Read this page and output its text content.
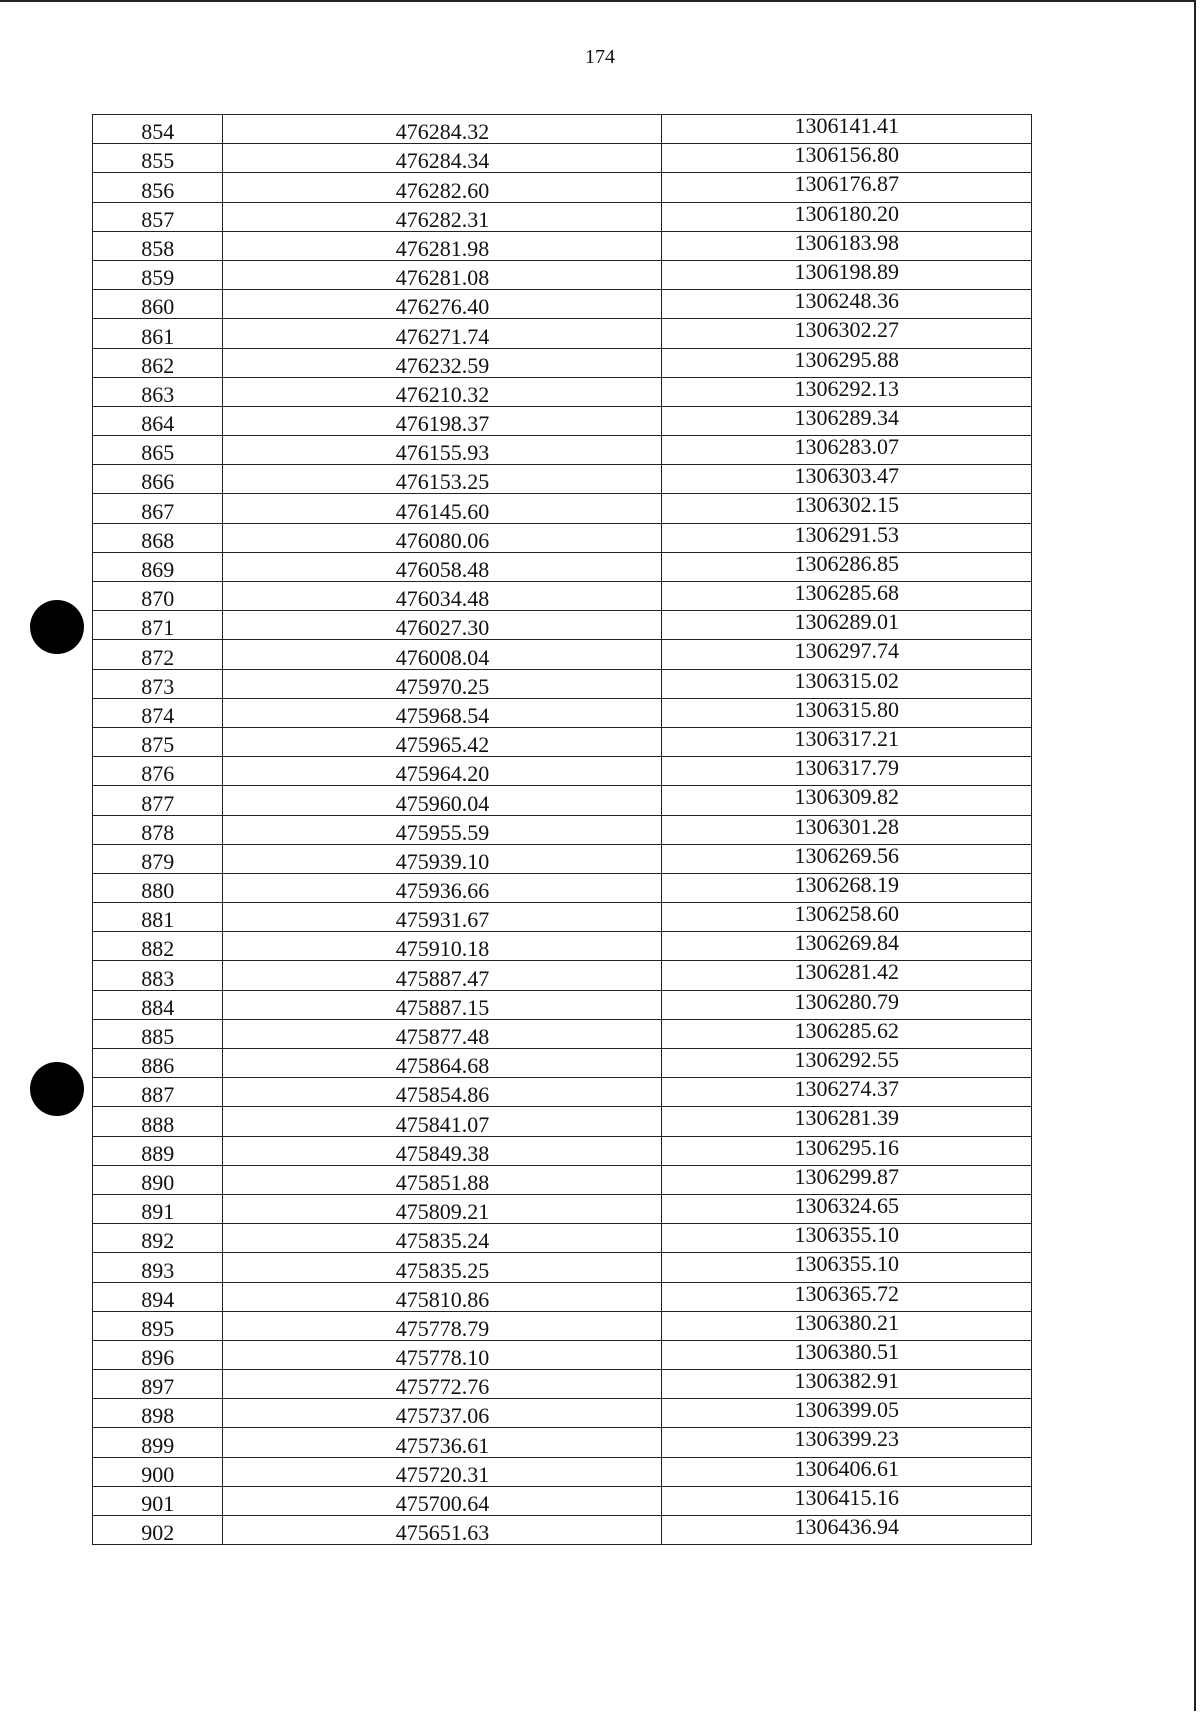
174
854	476284.32	1306141.41
855	476284.34	1306156.80
856	476282.60	1306176.87
857	476282.31	1306180.20
858	476281.98	1306183.98
859	476281.08	1306198.89
860	476276.40	1306248.36
861	476271.74	1306302.27
862	476232.59	1306295.88
863	476210.32	1306292.13
864	476198.37	1306289.34
865	476155.93	1306283.07
866	476153.25	1306303.47
867	476145.60	1306302.15
868	476080.06	1306291.53
869	476058.48	1306286.85
870	476034.48	1306285.68
871	476027.30	1306289.01
872	476008.04	1306297.74
873	475970.25	1306315.02
874	475968.54	1306315.80
875	475965.42	1306317.21
876	475964.20	1306317.79
877	475960.04	1306309.82
878	475955.59	1306301.28
879	475939.10	1306269.56
880	475936.66	1306268.19
881	475931.67	1306258.60
882	475910.18	1306269.84
883	475887.47	1306281.42
884	475887.15	1306280.79
885	475877.48	1306285.62
886	475864.68	1306292.55
887	475854.86	1306274.37
888	475841.07	1306281.39
889	475849.38	1306295.16
890	475851.88	1306299.87
891	475809.21	1306324.65
892	475835.24	1306355.10
893	475835.25	1306355.10
894	475810.86	1306365.72
895	475778.79	1306380.21
896	475778.10	1306380.51
897	475772.76	1306382.91
898	475737.06	1306399.05
899	475736.61	1306399.23
900	475720.31	1306406.61
901	475700.64	1306415.16
902	475651.63	1306436.94
